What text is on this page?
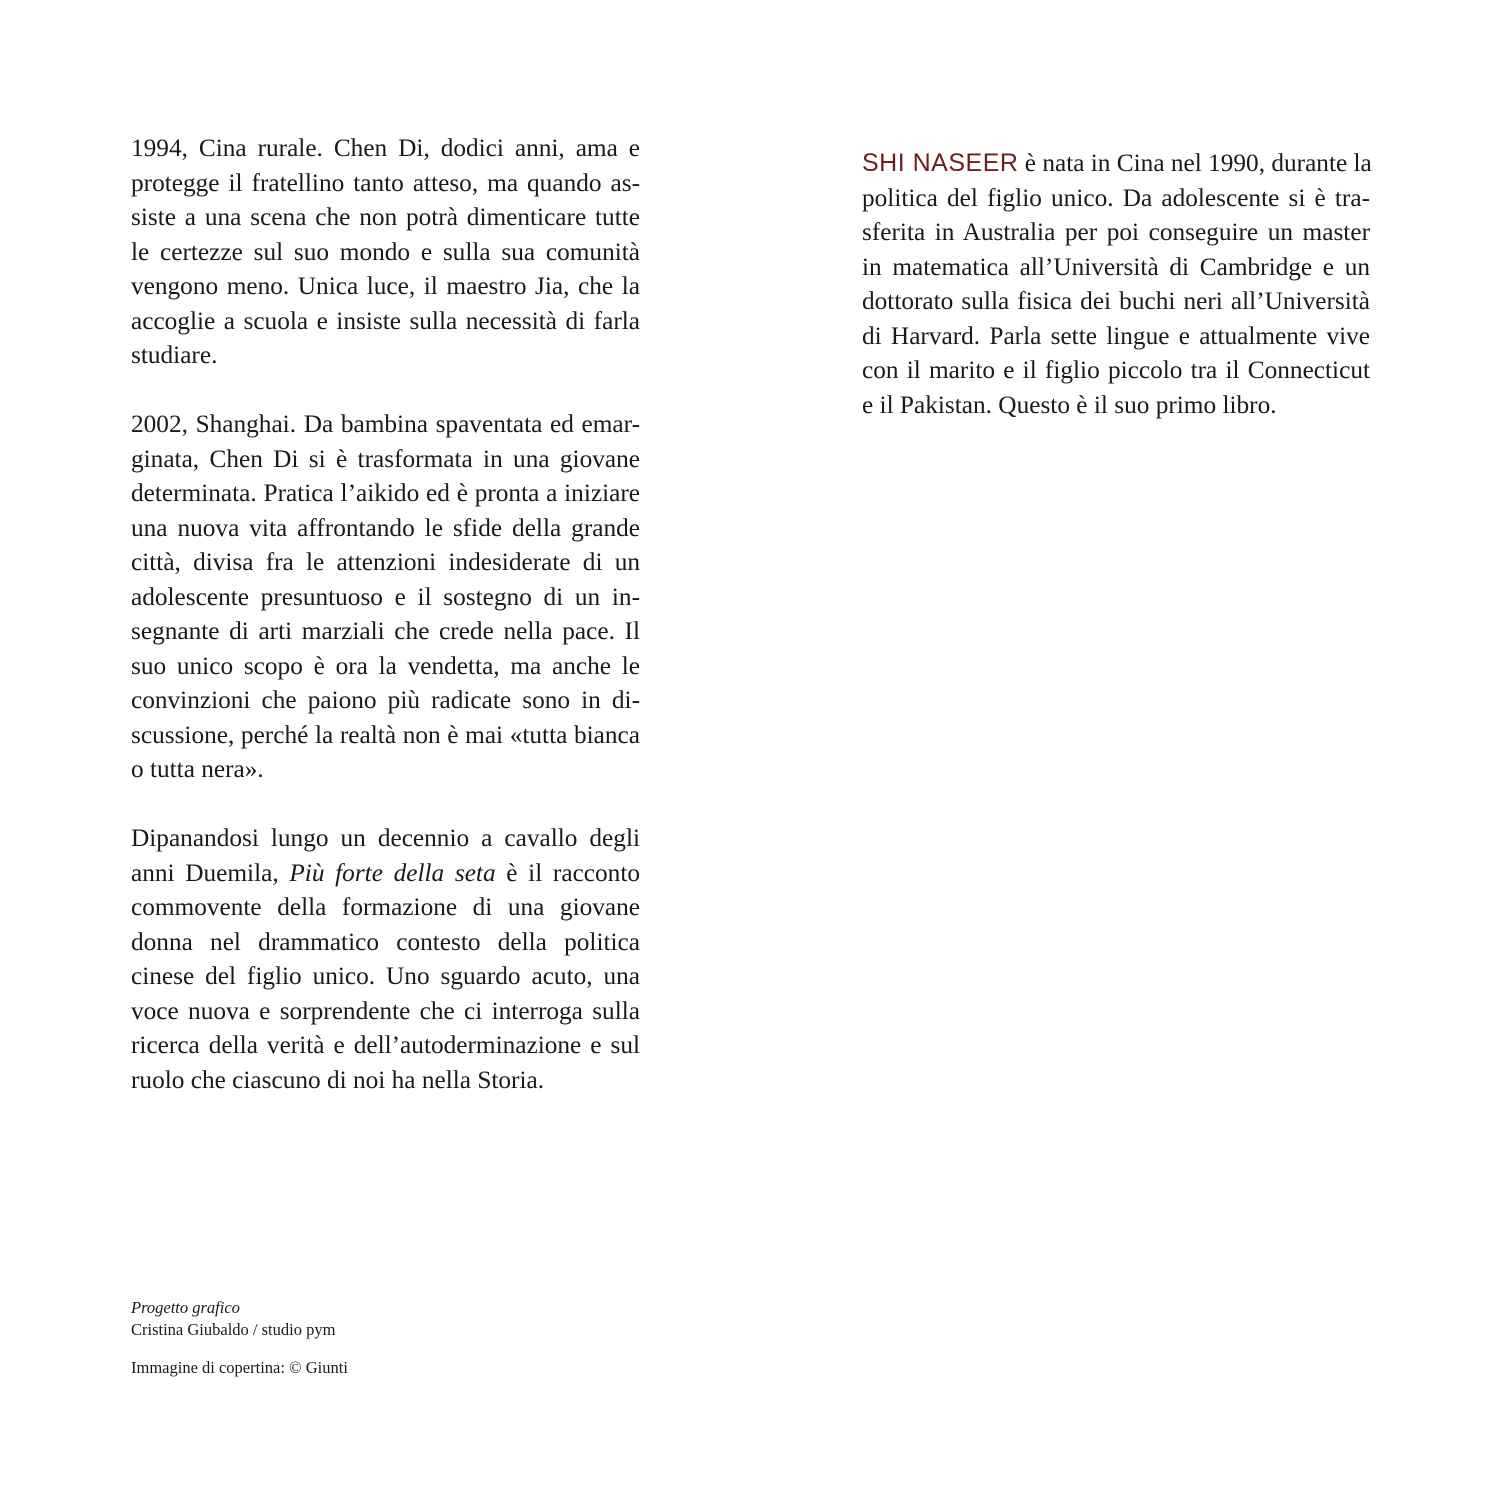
1994, Cina rurale. Chen Di, dodici anni, ama e
protegge il fratellino tanto atteso, ma quando as-
siste a una scena che non potrà dimenticare tutte
le certezze sul suo mondo e sulla sua comunità
vengono meno. Unica luce, il maestro Jia, che la
accoglie a scuola e insiste sulla necessità di farla
studiare.
2002, Shanghai. Da bambina spaventata ed emar-
ginata, Chen Di si è trasformata in una giovane
determinata. Pratica l’aikido ed è pronta a iniziare
una nuova vita affrontando le sfide della grande
città, divisa fra le attenzioni indesiderate di un
adolescente presuntuoso e il sostegno di un in-
segnante di arti marziali che crede nella pace. Il
suo unico scopo è ora la vendetta, ma anche le
convinzioni che paiono più radicate sono in di-
scussione, perché la realtà non è mai «tutta bianca
o tutta nera».
Dipanandosi lungo un decennio a cavallo degli
anni Duemila, Più forte della seta è il racconto
commovente della formazione di una giovane
donna nel drammatico contesto della politica
cinese del figlio unico. Uno sguardo acuto, una
voce nuova e sorprendente che ci interroga sulla
ricerca della verità e dell’autoderminazione e sul
ruolo che ciascuno di noi ha nella Storia.
SHI NASEER è nata in Cina nel 1990, durante la
politica del figlio unico. Da adolescente si è tra-
sferita in Australia per poi conseguire un master
in matematica all’Università di Cambridge e un
dottorato sulla fisica dei buchi neri all’Università
di Harvard. Parla sette lingue e attualmente vive
con il marito e il figlio piccolo tra il Connecticut
e il Pakistan. Questo è il suo primo libro.
Progetto grafico
Cristina Giubaldo / studio pym
Immagine di copertina: © Giunti
